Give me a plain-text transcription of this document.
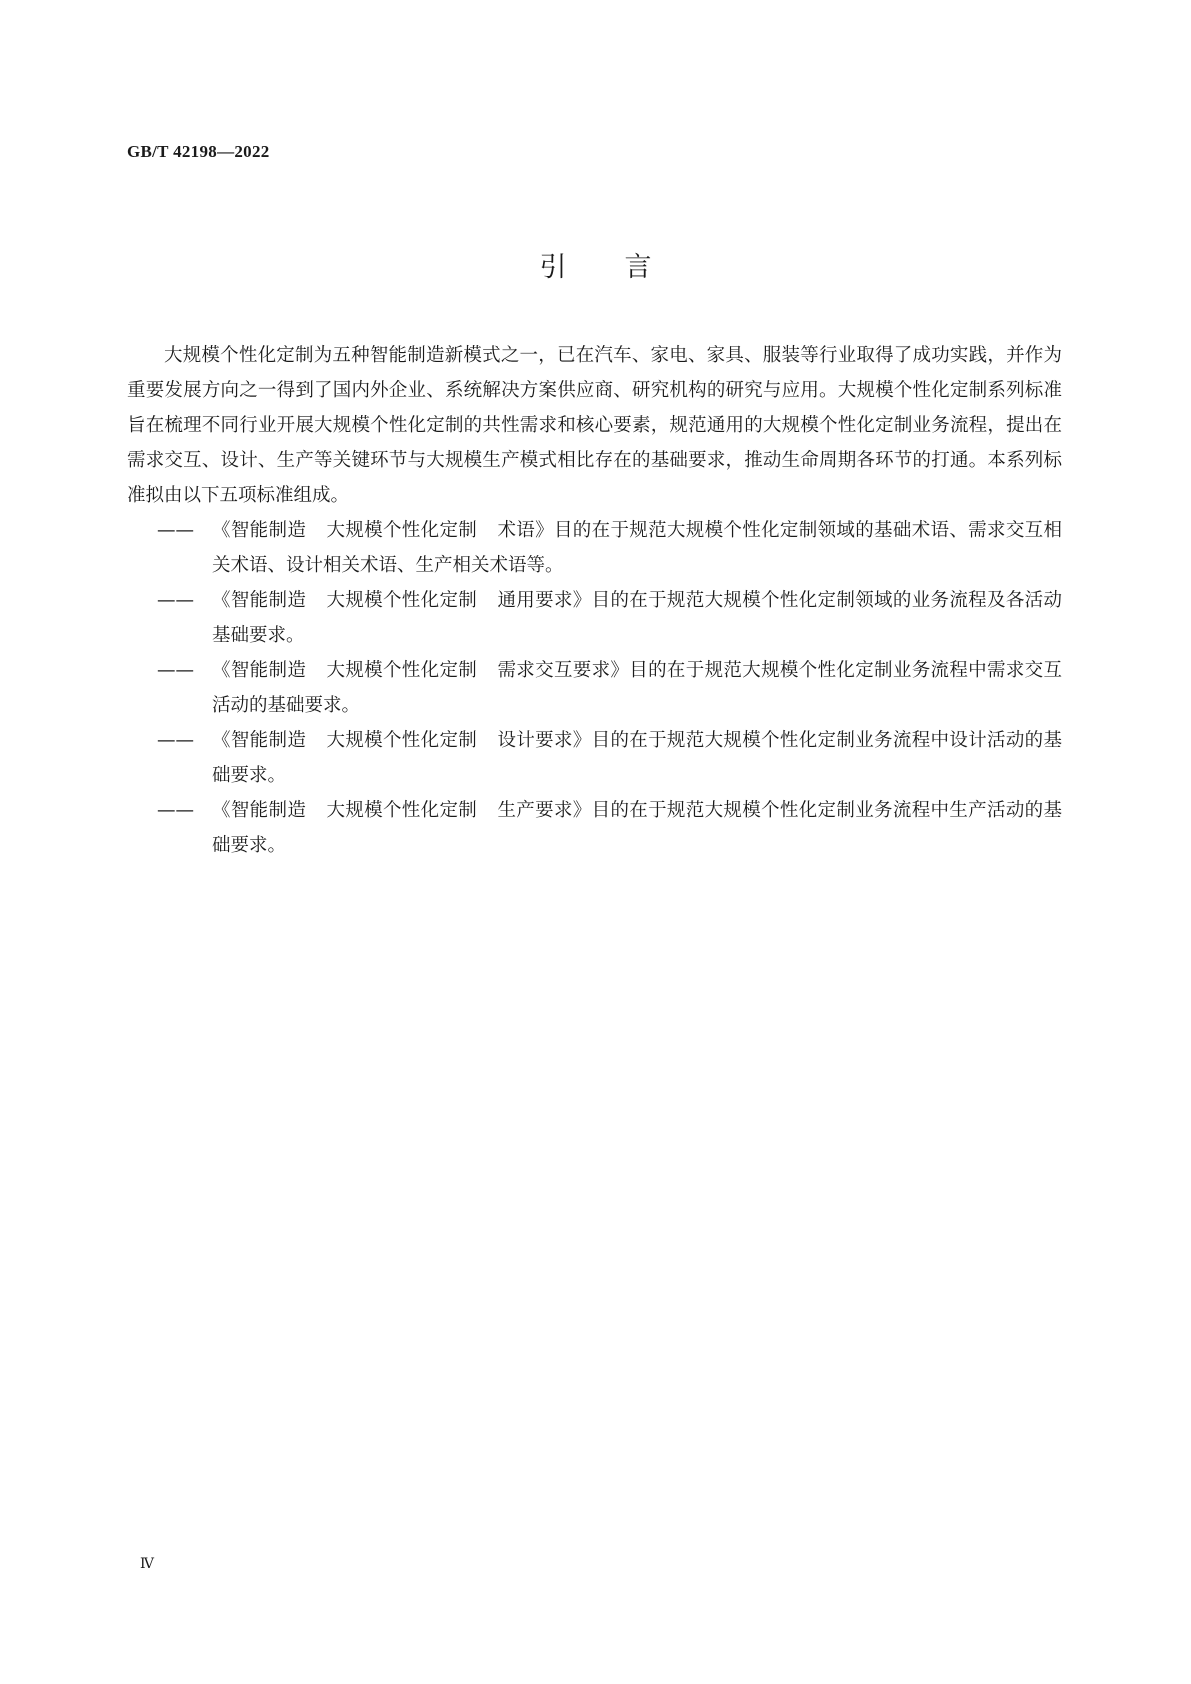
GB/T 42198—2022
引言

大规模个性化定制为五种智能制造新模式之一，已在汽车、家电、家具、服装等行业取得了成功实践，并作为重要发展方向之一得到了国内外企业、系统解决方案供应商、研究机构的研究与应用。大规模个性化定制系列标准旨在梳理不同行业开展大规模个性化定制的共性需求和核心要素，规范通用的大规模个性化定制业务流程，提出在需求交互、设计、生产等关键环节与大规模生产模式相比存在的基础要求，推动生命周期各环节的打通。本系列标准拟由以下五项标准组成。

—— 《智能制造 大规模个性化定制 术语》目的在于规范大规模个性化定制领域的基础术语、需求交互相关术语、设计相关术语、生产相关术语等。
—— 《智能制造 大规模个性化定制 通用要求》目的在于规范大规模个性化定制领域的业务流程及各活动基础要求。
—— 《智能制造 大规模个性化定制 需求交互要求》目的在于规范大规模个性化定制业务流程中需求交互活动的基础要求。
—— 《智能制造 大规模个性化定制 设计要求》目的在于规范大规模个性化定制业务流程中设计活动的基础要求。
—— 《智能制造 大规模个性化定制 生产要求》目的在于规范大规模个性化定制业务流程中生产活动的基础要求。
Ⅳ
